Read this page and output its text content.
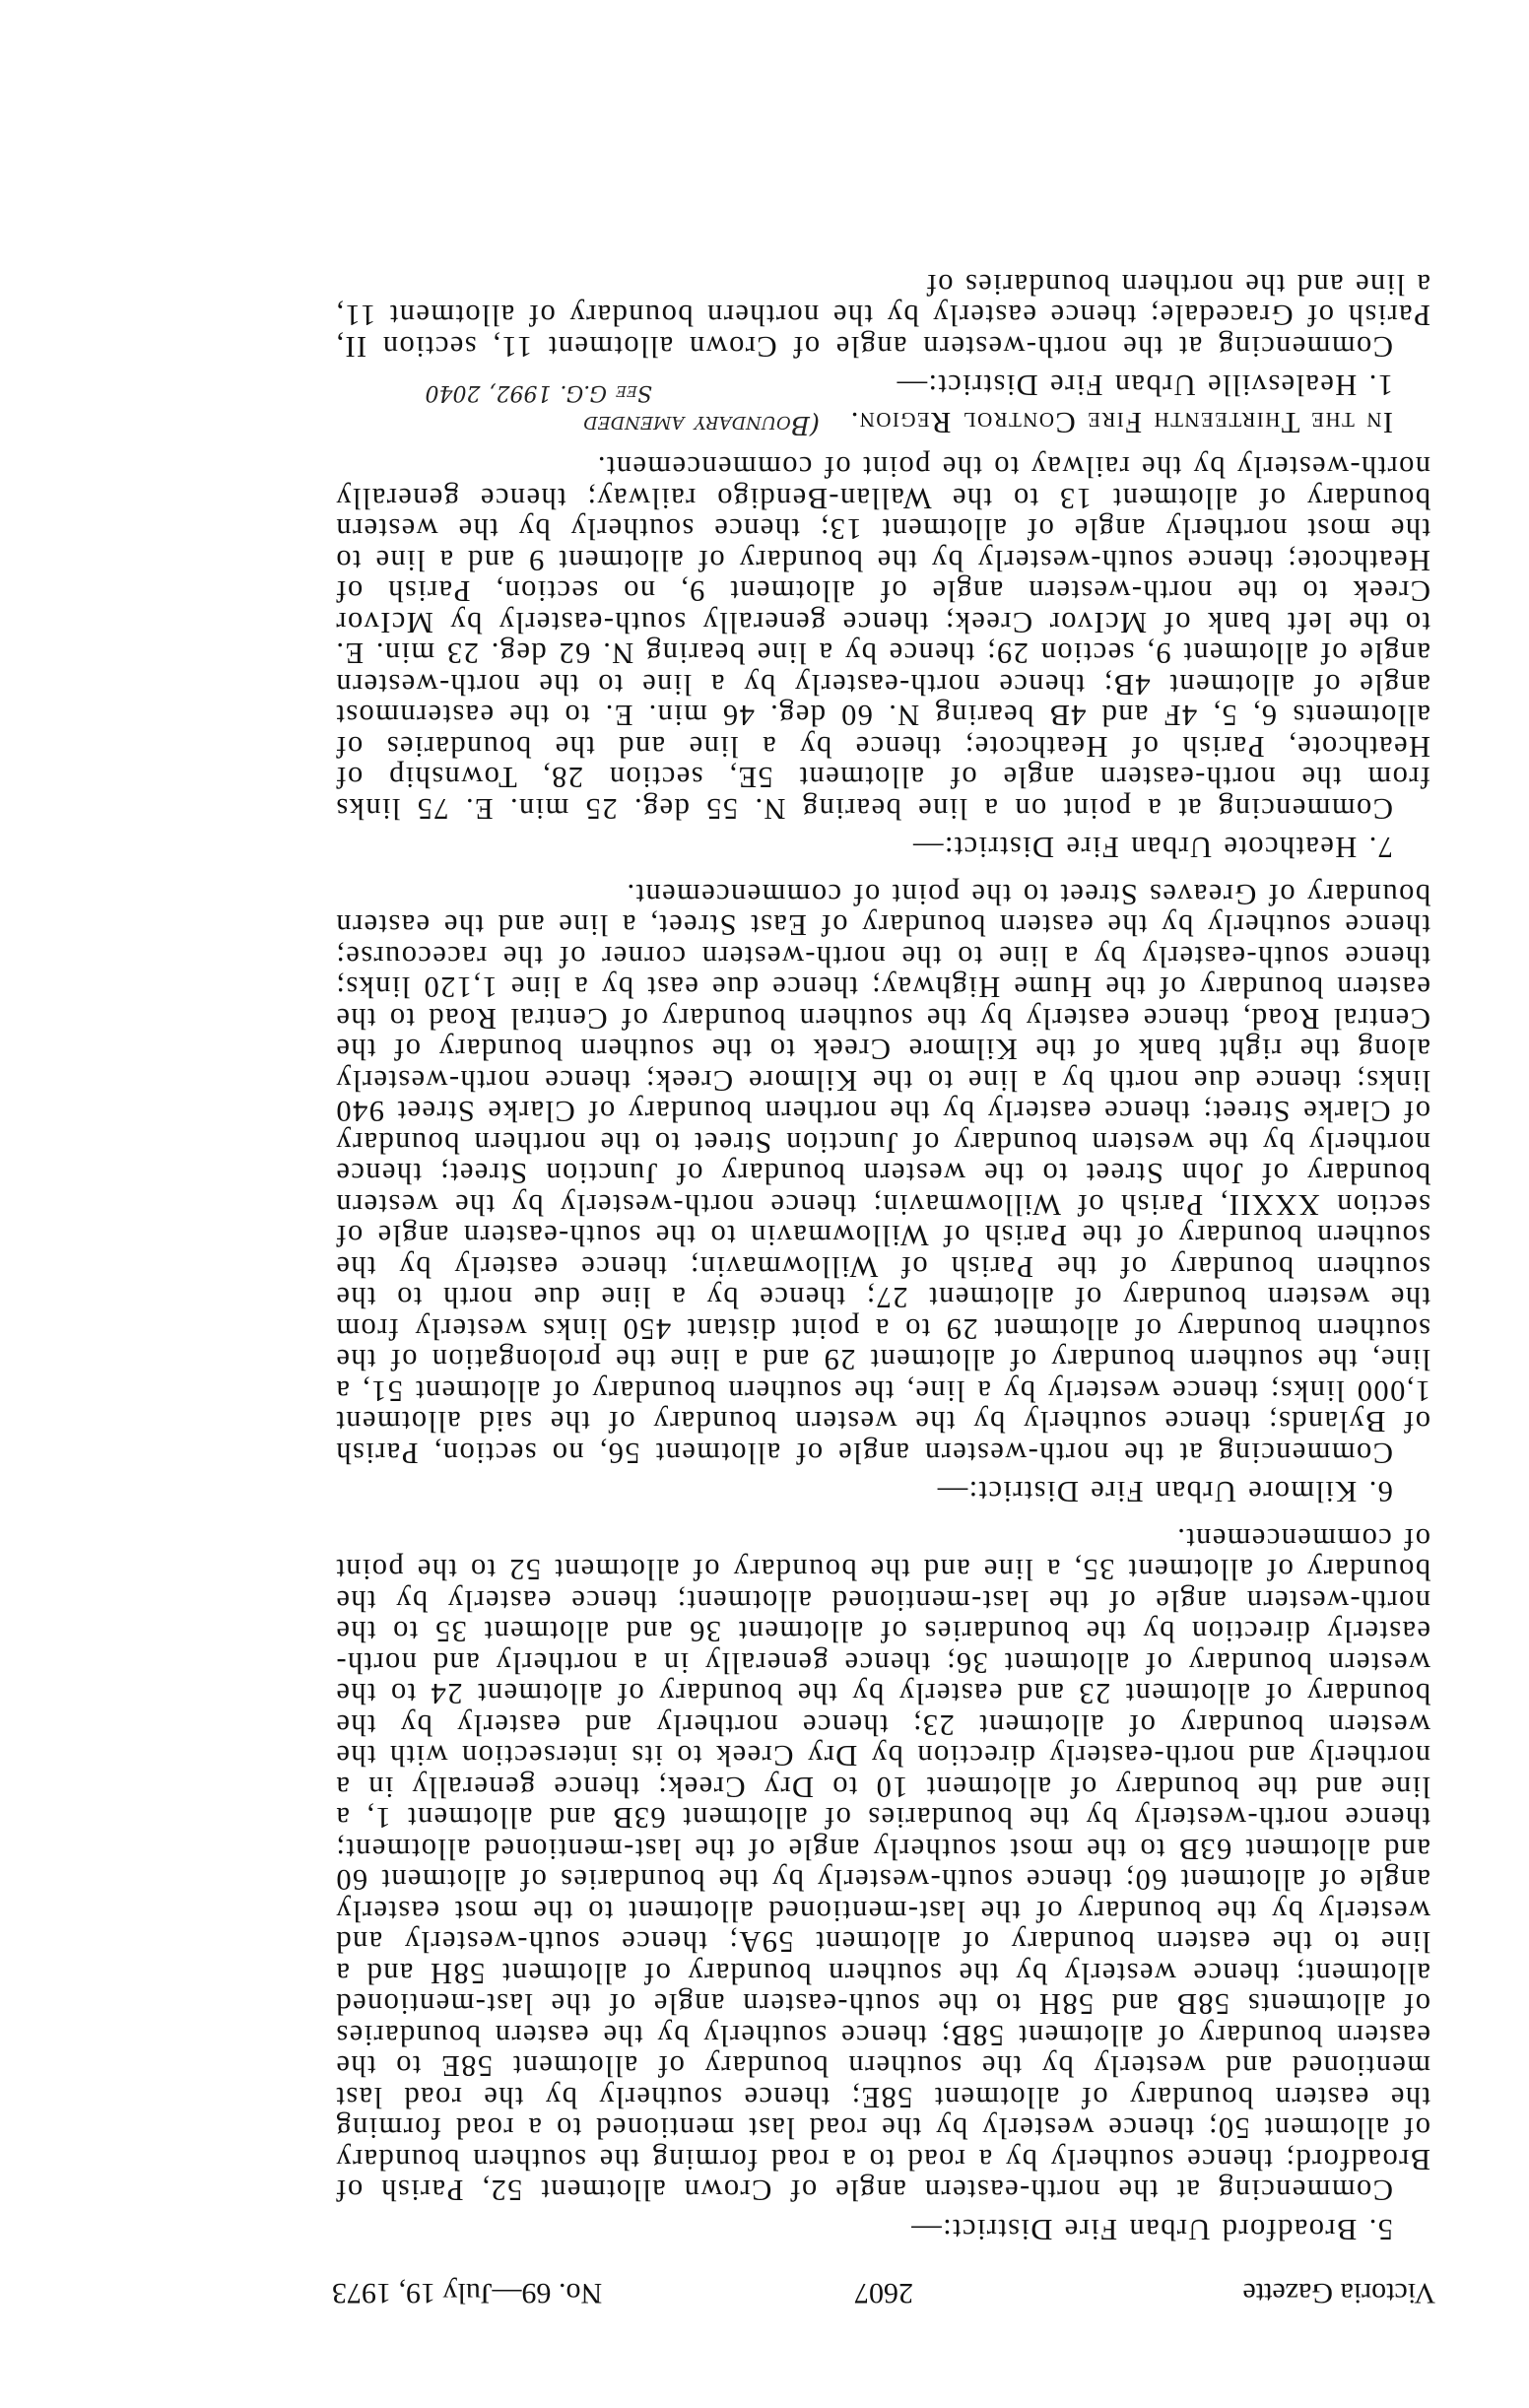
Victoria Gazette
2607
No. 69—July 19, 1973
5. Broadford Urban Fire District:—

Commencing at the north-eastern angle of Crown allotment 52, Parish of Broadford; thence southerly by a road to a road forming the southern boundary of allotment 50; thence westerly by the road last mentioned to a road forming the eastern boundary of allotment 58E; thence southerly by the road last mentioned and westerly by the southern boundary of allotment 58E to the eastern boundary of allotment 58B; thence southerly by the eastern boundaries of allotments 58B and 58H to the south-eastern angle of the last-mentioned allotment; thence westerly by the southern boundary of allotment 58H and a line to the eastern boundary of allotment 59A; thence south-westerly and westerly by the boundary of the last-mentioned allotment to the most easterly angle of allotment 60; thence south-westerly by the boundaries of allotment 60 and allotment 63B to the most southerly angle of the last-mentioned allotment; thence north-westerly by the boundaries of allotment 63B and allotment 1, a line and the boundary of allotment 10 to Dry Creek; thence generally in a northerly and north-easterly direction by Dry Creek to its intersection with the western boundary of allotment 23; thence northerly and easterly by the boundary of allotment 23 and easterly by the boundary of allotment 24 to the western boundary of allotment 36; thence generally in a northerly and north-easterly direction by the boundaries of allotment 36 and allotment 35 to the north-western angle of the last-mentioned allotment; thence easterly by the boundary of allotment 35, a line and the boundary of allotment 52 to the point of commencement.

6. Kilmore Urban Fire District:—

Commencing at the north-western angle of allotment 56, no section, Parish of Bylands; thence southerly by the western boundary of the said allotment 1,000 links; thence westerly by a line, the southern boundary of allotment 51, a line, the southern boundary of allotment 29 and a line the prolongation of the southern boundary of allotment 29 to a point distant 450 links westerly from the western boundary of allotment 27; thence by a line due north to the southern boundary of the Parish of Willowmavin; thence easterly by the southern boundary of the Parish of Willowmavin to the south-eastern angle of section XXXII, Parish of Willowmavin; thence north-westerly by the western boundary of John Street to the western boundary of Junction Street; thence northerly by the western boundary of Junction Street to the northern boundary of Clarke Street; thence easterly by the northern boundary of Clarke Street 940 links; thence due north by a line to the Kilmore Creek; thence north-westerly along the right bank of the Kilmore Creek to the southern boundary of the Central Road, thence easterly by the southern boundary of Central Road to the eastern boundary of the Hume Highway; thence due east by a line 1,120 links; thence south-easterly by a line to the north-western corner of the racecourse; thence southerly by the eastern boundary of East Street, a line and the eastern boundary of Greaves Street to the point of commencement.

7. Heathcote Urban Fire District:—

Commencing at a point on a line bearing N. 55 deg. 25 min. E. 75 links from the north-eastern angle of allotment 5E, section 28, Township of Heathcote, Parish of Heathcote; thence by a line and the boundaries of allotments 6, 5, 4F and 4B bearing N. 60 deg. 46 min. E. to the easternmost angle of allotment 4B; thence north-easterly by a line to the north-western angle of allotment 9, section 29; thence by a line bearing N. 62 deg. 23 min. E. to the left bank of McIvor Creek; thence generally south-easterly by McIvor Creek to the north-western angle of allotment 9, no section, Parish of Heathcote; thence south-westerly by the boundary of allotment 9 and a line to the most northerly angle of allotment 13; thence southerly by the western boundary of allotment 13 to the Wallan-Bendigo railway; thence generally north-westerly by the railway to the point of commencement.

In the Thirteenth Fire Control Region.
(Boundary amended
See G.G. 1992, 2040	1. Healesville Urban Fire District:—

Commencing at the north-western angle of Crown allotment 11, section II, Parish of Gracedale; thence easterly by the northern boundary of allotment 11, a line and the northern boundaries of
